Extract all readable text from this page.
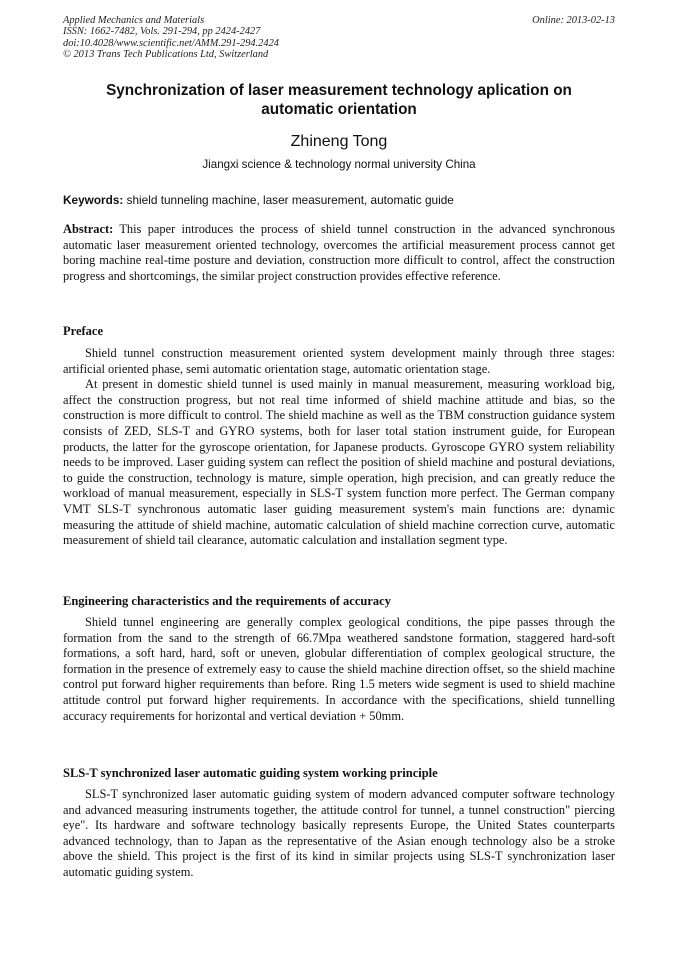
Applied Mechanics and Materials
ISSN: 1662-7482, Vols. 291-294, pp 2424-2427
doi:10.4028/www.scientific.net/AMM.291-294.2424
© 2013 Trans Tech Publications Ltd, Switzerland
Online: 2013-02-13
Synchronization of laser measurement technology aplication on automatic orientation
Zhineng Tong
Jiangxi science & technology normal university China
Keywords: shield tunneling machine, laser measurement, automatic guide

Abstract: This paper introduces the process of shield tunnel construction in the advanced synchronous automatic laser measurement oriented technology, overcomes the artificial measurement process cannot get boring machine real-time posture and deviation, construction more difficult to control, affect the construction progress and shortcomings, the similar project construction provides effective reference.

Preface

Shield tunnel construction measurement oriented system development mainly through three stages: artificial oriented phase, semi automatic orientation stage, automatic orientation stage.

At present in domestic shield tunnel is used mainly in manual measurement, measuring workload big, affect the construction progress, but not real time informed of shield machine attitude and bias, so the construction is more difficult to control. The shield machine as well as the TBM construction guidance system consists of ZED, SLS-T and GYRO systems, both for laser total station instrument guide, for European products, the latter for the gyroscope orientation, for Japanese products. Gyroscope GYRO system reliability needs to be improved. Laser guiding system can reflect the position of shield machine and postural deviations, to guide the construction, technology is mature, simple operation, high precision, and can greatly reduce the workload of manual measurement, especially in SLS-T system function more perfect. The German company VMT SLS-T synchronous automatic laser guiding measurement system's main functions are: dynamic measuring the attitude of shield machine, automatic calculation of shield machine correction curve, automatic measurement of shield tail clearance, automatic calculation and installation segment type.

Engineering characteristics and the requirements of accuracy

Shield tunnel engineering are generally complex geological conditions, the pipe passes through the formation from the sand to the strength of 66.7Mpa weathered sandstone formation, staggered hard-soft formations, a soft hard, hard, soft or uneven, globular differentiation of complex geological structure, the formation in the presence of extremely easy to cause the shield machine direction offset, so the shield machine control put forward higher requirements than before. Ring 1.5 meters wide segment is used to shield machine attitude control put forward higher requirements. In accordance with the specifications, shield tunnelling accuracy requirements for horizontal and vertical deviation + 50mm.

SLS-T synchronized laser automatic guiding system working principle

SLS-T synchronized laser automatic guiding system of modern advanced computer software technology and advanced measuring instruments together, the attitude control for tunnel, a tunnel construction" piercing eye". Its hardware and software technology basically represents Europe, the United States counterparts advanced technology, than to Japan as the representative of the Asian enough technology also be a stroke above the shield. This project is the first of its kind in similar projects using SLS-T synchronization laser automatic guiding system.
